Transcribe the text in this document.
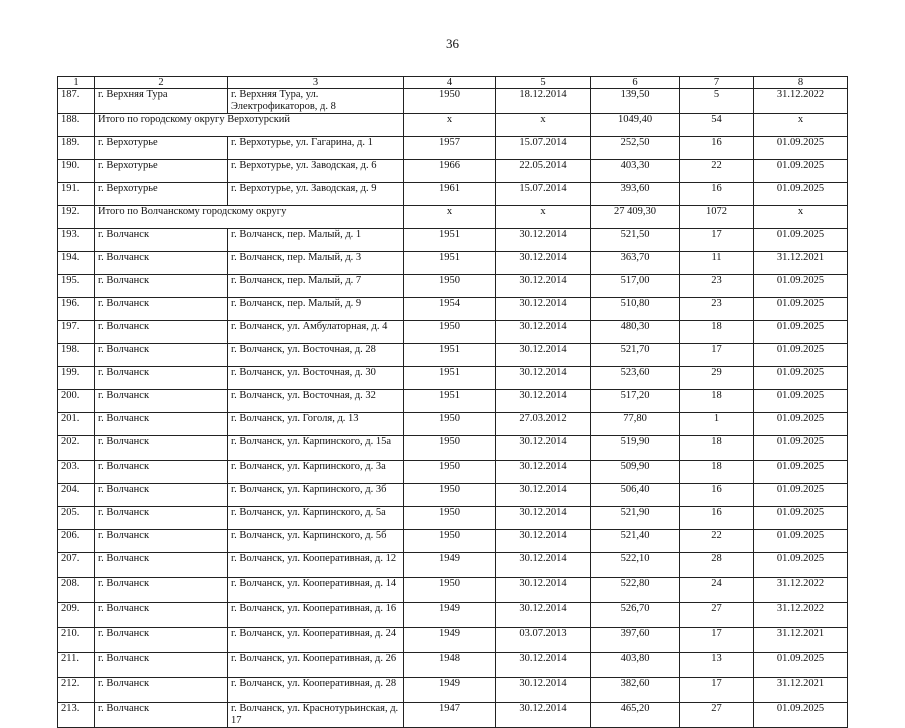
36
1	2	3	4	5	6	7	8
187.	г. Верхняя Тура	г. Верхняя Тура, ул. Электрофикаторов, д. 8	1950	18.12.2014	139,50	5	31.12.2022
188.	Итого по городскому округу Верхотурский		x	x	1049,40	54	x
189.	г. Верхотурье	г. Верхотурье, ул. Гагарина, д. 1	1957	15.07.2014	252,50	16	01.09.2025
190.	г. Верхотурье	г. Верхотурье, ул. Заводская, д. 6	1966	22.05.2014	403,30	22	01.09.2025
191.	г. Верхотурье	г. Верхотурье, ул. Заводская, д. 9	1961	15.07.2014	393,60	16	01.09.2025
192.	Итого по Волчанскому городскому округу		x	x	27 409,30	1072	x
193.	г. Волчанск	г. Волчанск, пер. Малый, д. 1	1951	30.12.2014	521,50	17	01.09.2025
194.	г. Волчанск	г. Волчанск, пер. Малый, д. 3	1951	30.12.2014	363,70	11	31.12.2021
195.	г. Волчанск	г. Волчанск, пер. Малый, д. 7	1950	30.12.2014	517,00	23	01.09.2025
196.	г. Волчанск	г. Волчанск, пер. Малый, д. 9	1954	30.12.2014	510,80	23	01.09.2025
197.	г. Волчанск	г. Волчанск, ул. Амбулаторная, д. 4	1950	30.12.2014	480,30	18	01.09.2025
198.	г. Волчанск	г. Волчанск, ул. Восточная, д. 28	1951	30.12.2014	521,70	17	01.09.2025
199.	г. Волчанск	г. Волчанск, ул. Восточная, д. 30	1951	30.12.2014	523,60	29	01.09.2025
200.	г. Волчанск	г. Волчанск, ул. Восточная, д. 32	1951	30.12.2014	517,20	18	01.09.2025
201.	г. Волчанск	г. Волчанск, ул. Гоголя, д. 13	1950	27.03.2012	77,80	1	01.09.2025
202.	г. Волчанск	г. Волчанск, ул. Карпинского, д. 15а	1950	30.12.2014	519,90	18	01.09.2025
203.	г. Волчанск	г. Волчанск, ул. Карпинского, д. 3а	1950	30.12.2014	509,90	18	01.09.2025
204.	г. Волчанск	г. Волчанск, ул. Карпинского, д. 3б	1950	30.12.2014	506,40	16	01.09.2025
205.	г. Волчанск	г. Волчанск, ул. Карпинского, д. 5а	1950	30.12.2014	521,90	16	01.09.2025
206.	г. Волчанск	г. Волчанск, ул. Карпинского, д. 5б	1950	30.12.2014	521,40	22	01.09.2025
207.	г. Волчанск	г. Волчанск, ул. Кооперативная, д. 12	1949	30.12.2014	522,10	28	01.09.2025
208.	г. Волчанск	г. Волчанск, ул. Кооперативная, д. 14	1950	30.12.2014	522,80	24	31.12.2022
209.	г. Волчанск	г. Волчанск, ул. Кооперативная, д. 16	1949	30.12.2014	526,70	27	31.12.2022
210.	г. Волчанск	г. Волчанск, ул. Кооперативная, д. 24	1949	03.07.2013	397,60	17	31.12.2021
211.	г. Волчанск	г. Волчанск, ул. Кооперативная, д. 26	1948	30.12.2014	403,80	13	01.09.2025
212.	г. Волчанск	г. Волчанск, ул. Кооперативная, д. 28	1949	30.12.2014	382,60	17	31.12.2021
213.	г. Волчанск	г. Волчанск, ул. Краснотурьинская, д. 17	1947	30.12.2014	465,20	27	01.09.2025
